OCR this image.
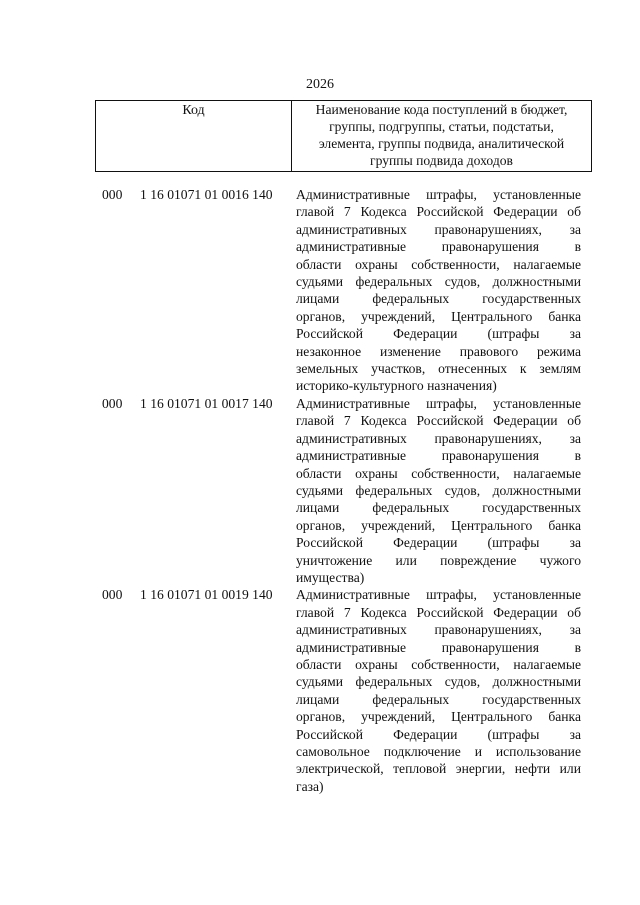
2026
Код	Наименование кода поступлений в бюджет,
группы, подгруппы, статьи, подстатьи,
элемента, группы подвида, аналитической
группы подвида доходов
000	1 16 01071 01 0016 140	Административные штрафы, установленные
главой 7 Кодекса Российской Федерации об
административных правонарушениях, за
административные правонарушения в
области охраны собственности, налагаемые
судьями федеральных судов, должностными
лицами федеральных государственных
органов, учреждений, Центрального банка
Российской Федерации (штрафы за
незаконное изменение правового режима
земельных участков, отнесенных к землям
историко-культурного назначения)
000	1 16 01071 01 0017 140	Административные штрафы, установленные
главой 7 Кодекса Российской Федерации об
административных правонарушениях, за
административные правонарушения в
области охраны собственности, налагаемые
судьями федеральных судов, должностными
лицами федеральных государственных
органов, учреждений, Центрального банка
Российской Федерации (штрафы за
уничтожение или повреждение чужого
имущества)
000	1 16 01071 01 0019 140	Административные штрафы, установленные
главой 7 Кодекса Российской Федерации об
административных правонарушениях, за
административные правонарушения в
области охраны собственности, налагаемые
судьями федеральных судов, должностными
лицами федеральных государственных
органов, учреждений, Центрального банка
Российской Федерации (штрафы за
самовольное подключение и использование
электрической, тепловой энергии, нефти или
газа)
